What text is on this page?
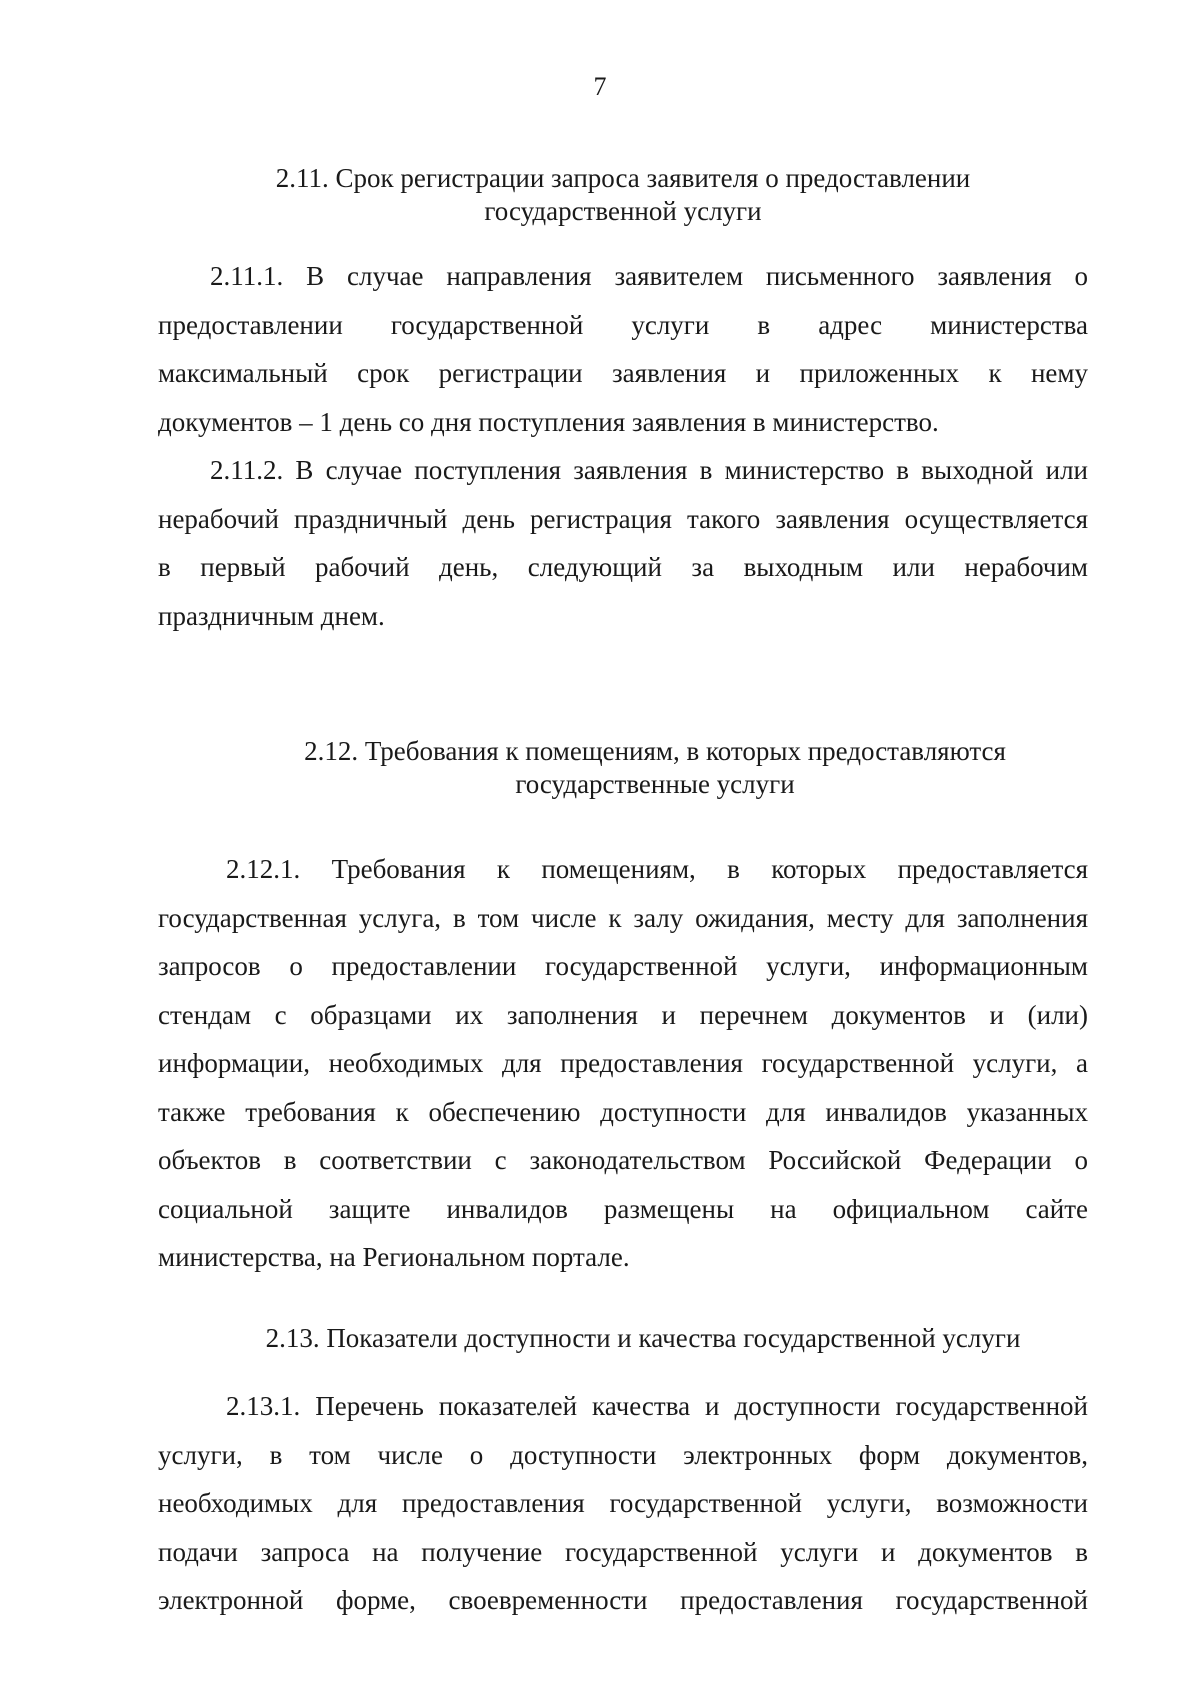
7
2.11. Срок регистрации запроса заявителя о предоставлении
государственной услуги
2.11.1. В случае направления заявителем письменного заявления о
предоставлении государственной услуги в адрес министерства
максимальный срок регистрации заявления и приложенных к нему
документов – 1 день со дня поступления заявления в министерство.
2.11.2. В случае поступления заявления в министерство в выходной или
нерабочий праздничный день регистрация такого заявления осуществляется
в первый рабочий день, следующий за выходным или нерабочим
праздничным днем.
2.12. Требования к помещениям, в которых предоставляются
государственные услуги
2.12.1. Требования к помещениям, в которых предоставляется
государственная услуга, в том числе к залу ожидания, месту для заполнения
запросов о предоставлении государственной услуги, информационным
стендам с образцами их заполнения и перечнем документов и (или)
информации, необходимых для предоставления государственной услуги, а
также требования к обеспечению доступности для инвалидов указанных
объектов в соответствии с законодательством Российской Федерации о
социальной защите инвалидов размещены на официальном сайте
министерства, на Региональном портале.
2.13. Показатели доступности и качества государственной услуги
2.13.1. Перечень показателей качества и доступности государственной
услуги, в том числе о доступности электронных форм документов,
необходимых для предоставления государственной услуги, возможности
подачи запроса на получение государственной услуги и документов в
электронной форме, своевременности предоставления государственной
